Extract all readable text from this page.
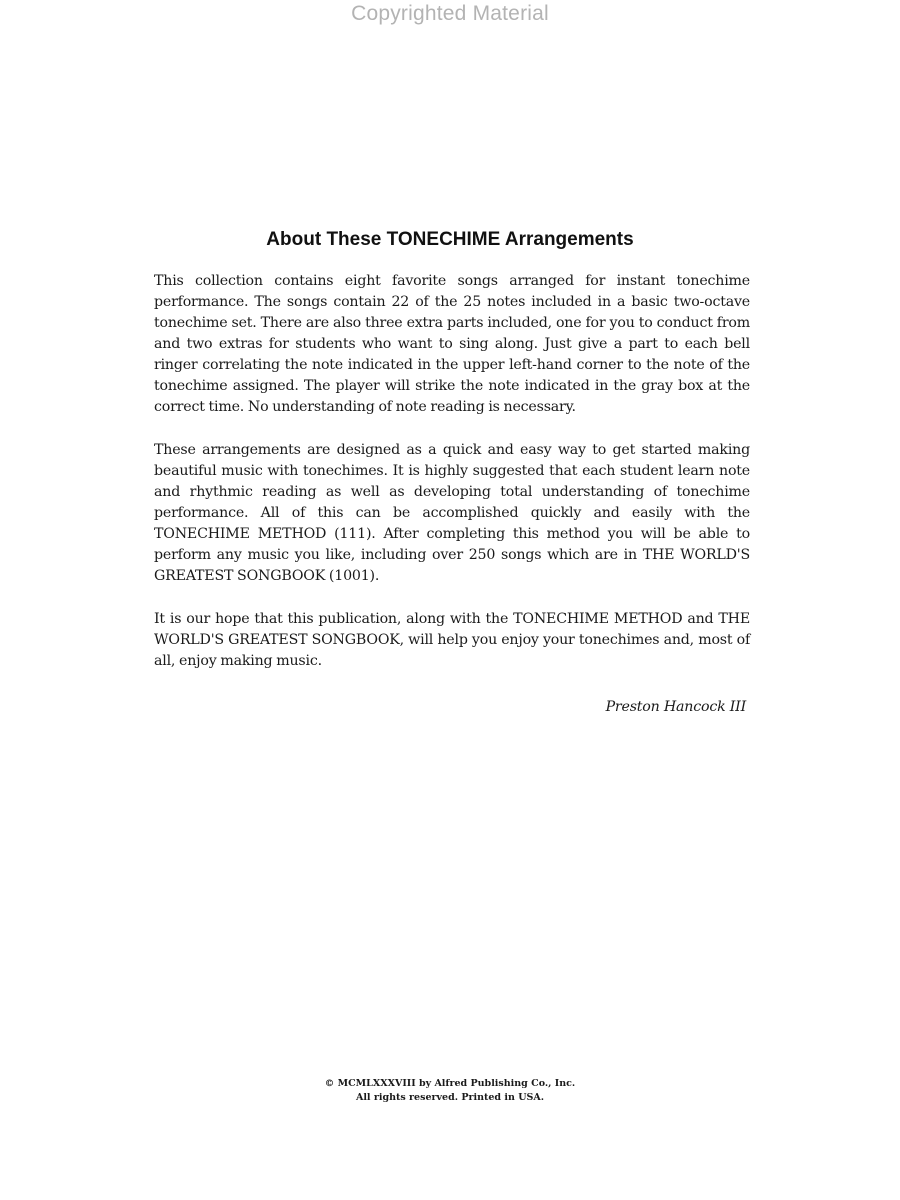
Copyrighted Material
About These TONECHIME Arrangements

This collection contains eight favorite songs arranged for instant tonechime performance. The songs contain 22 of the 25 notes included in a basic two-octave tonechime set. There are also three extra parts included, one for you to conduct from and two extras for students who want to sing along. Just give a part to each bell ringer correlating the note indicated in the upper left-hand corner to the note of the tonechime assigned. The player will strike the note indicated in the gray box at the correct time. No understanding of note reading is necessary.

These arrangements are designed as a quick and easy way to get started making beautiful music with tonechimes. It is highly suggested that each student learn note and rhythmic reading as well as developing total understanding of tonechime performance. All of this can be accomplished quickly and easily with the TONECHIME METHOD (111). After completing this method you will be able to perform any music you like, including over 250 songs which are in THE WORLD'S GREATEST SONGBOOK (1001).

It is our hope that this publication, along with the TONECHIME METHOD and THE WORLD'S GREATEST SONGBOOK, will help you enjoy your tonechimes and, most of all, enjoy making music.

Preston Hancock III
© MCMLXXXVIII by Alfred Publishing Co., Inc.
All rights reserved. Printed in USA.
